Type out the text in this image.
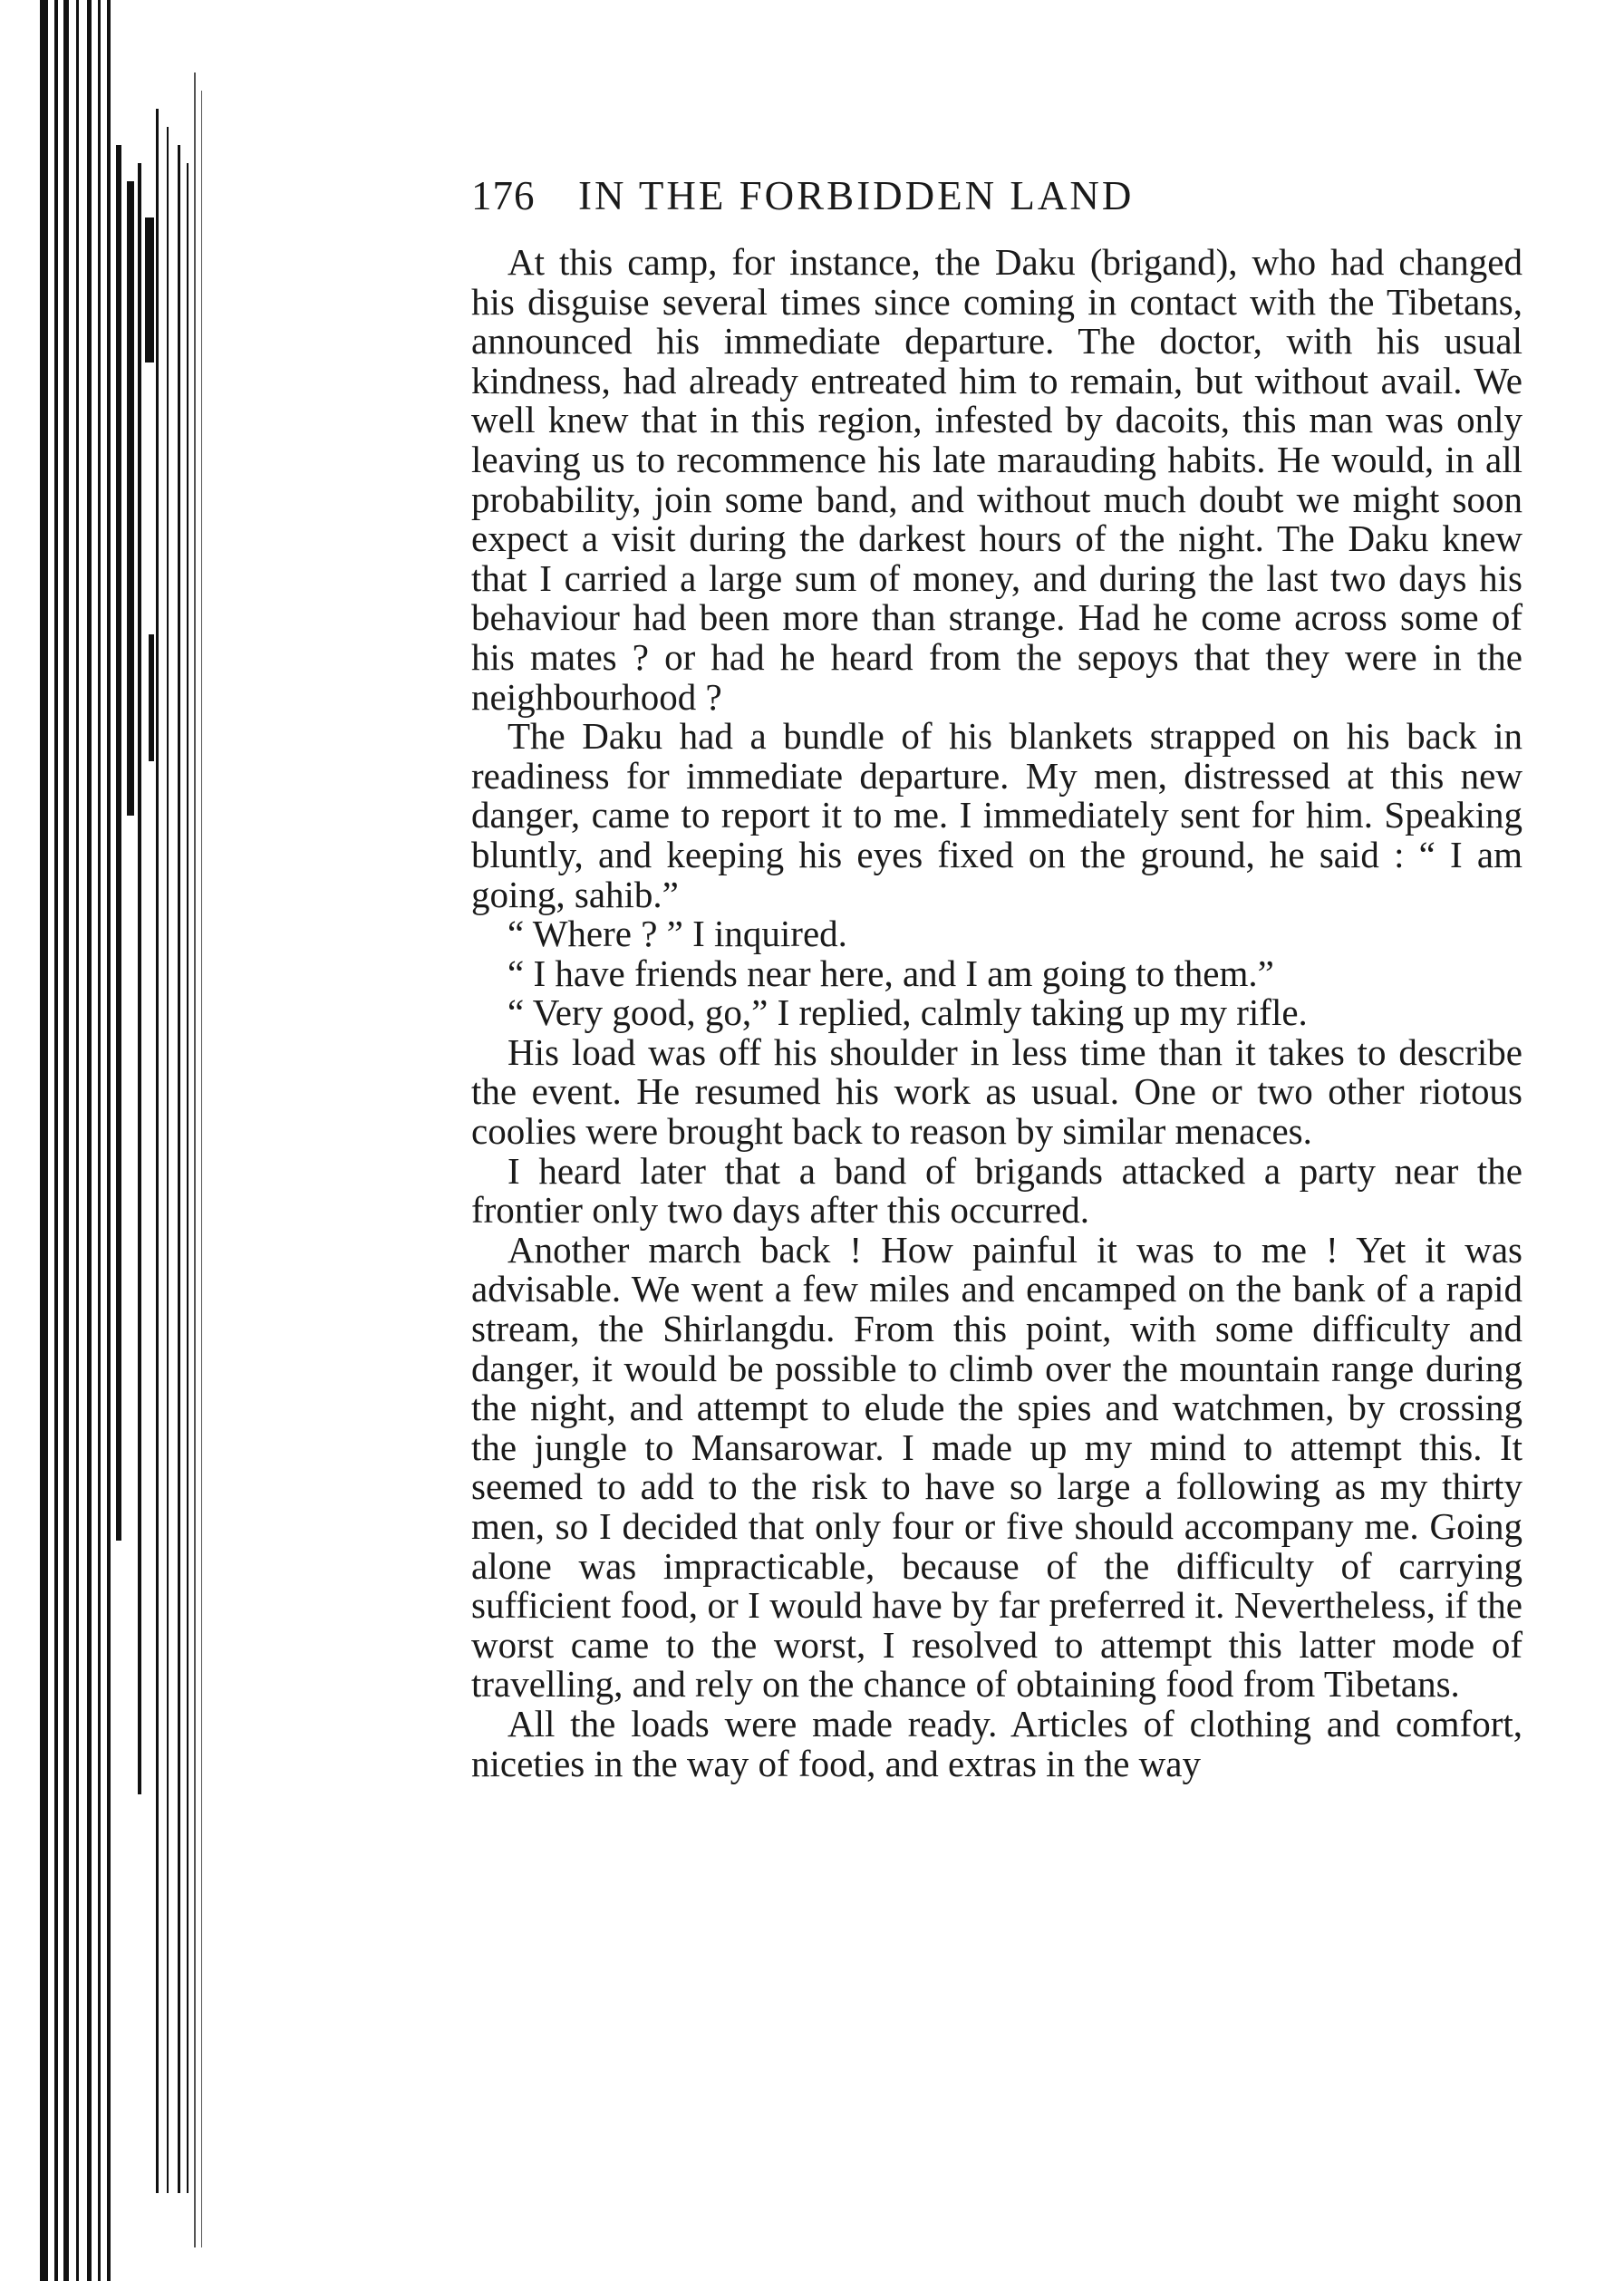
176	IN THE FORBIDDEN LAND

At this camp, for instance, the Daku (brigand), who had changed his disguise several times since coming in contact with the Tibetans, announced his immediate departure. The doctor, with his usual kindness, had already entreated him to remain, but without avail. We well knew that in this region, infested by dacoits, this man was only leaving us to recommence his late marauding habits. He would, in all probability, join some band, and without much doubt we might soon expect a visit during the darkest hours of the night. The Daku knew that I carried a large sum of money, and during the last two days his behaviour had been more than strange. Had he come across some of his mates ? or had he heard from the sepoys that they were in the neighbourhood ?

The Daku had a bundle of his blankets strapped on his back in readiness for immediate departure. My men, distressed at this new danger, came to report it to me. I immediately sent for him. Speaking bluntly, and keeping his eyes fixed on the ground, he said : “ I am going, sahib.”

“ Where ? ” I inquired.

“ I have friends near here, and I am going to them.”

“ Very good, go,” I replied, calmly taking up my rifle.

His load was off his shoulder in less time than it takes to describe the event. He resumed his work as usual. One or two other riotous coolies were brought back to reason by similar menaces.

I heard later that a band of brigands attacked a party near the frontier only two days after this occurred.

Another march back ! How painful it was to me ! Yet it was advisable. We went a few miles and encamped on the bank of a rapid stream, the Shirlangdu. From this point, with some difficulty and danger, it would be possible to climb over the mountain range during the night, and attempt to elude the spies and watchmen, by crossing the jungle to Mansarowar. I made up my mind to attempt this. It seemed to add to the risk to have so large a following as my thirty men, so I decided that only four or five should accompany me. Going alone was impracticable, because of the difficulty of carrying sufficient food, or I would have by far preferred it. Nevertheless, if the worst came to the worst, I resolved to attempt this latter mode of travelling, and rely on the chance of obtaining food from Tibetans.

All the loads were made ready. Articles of clothing and comfort, niceties in the way of food, and extras in the way
